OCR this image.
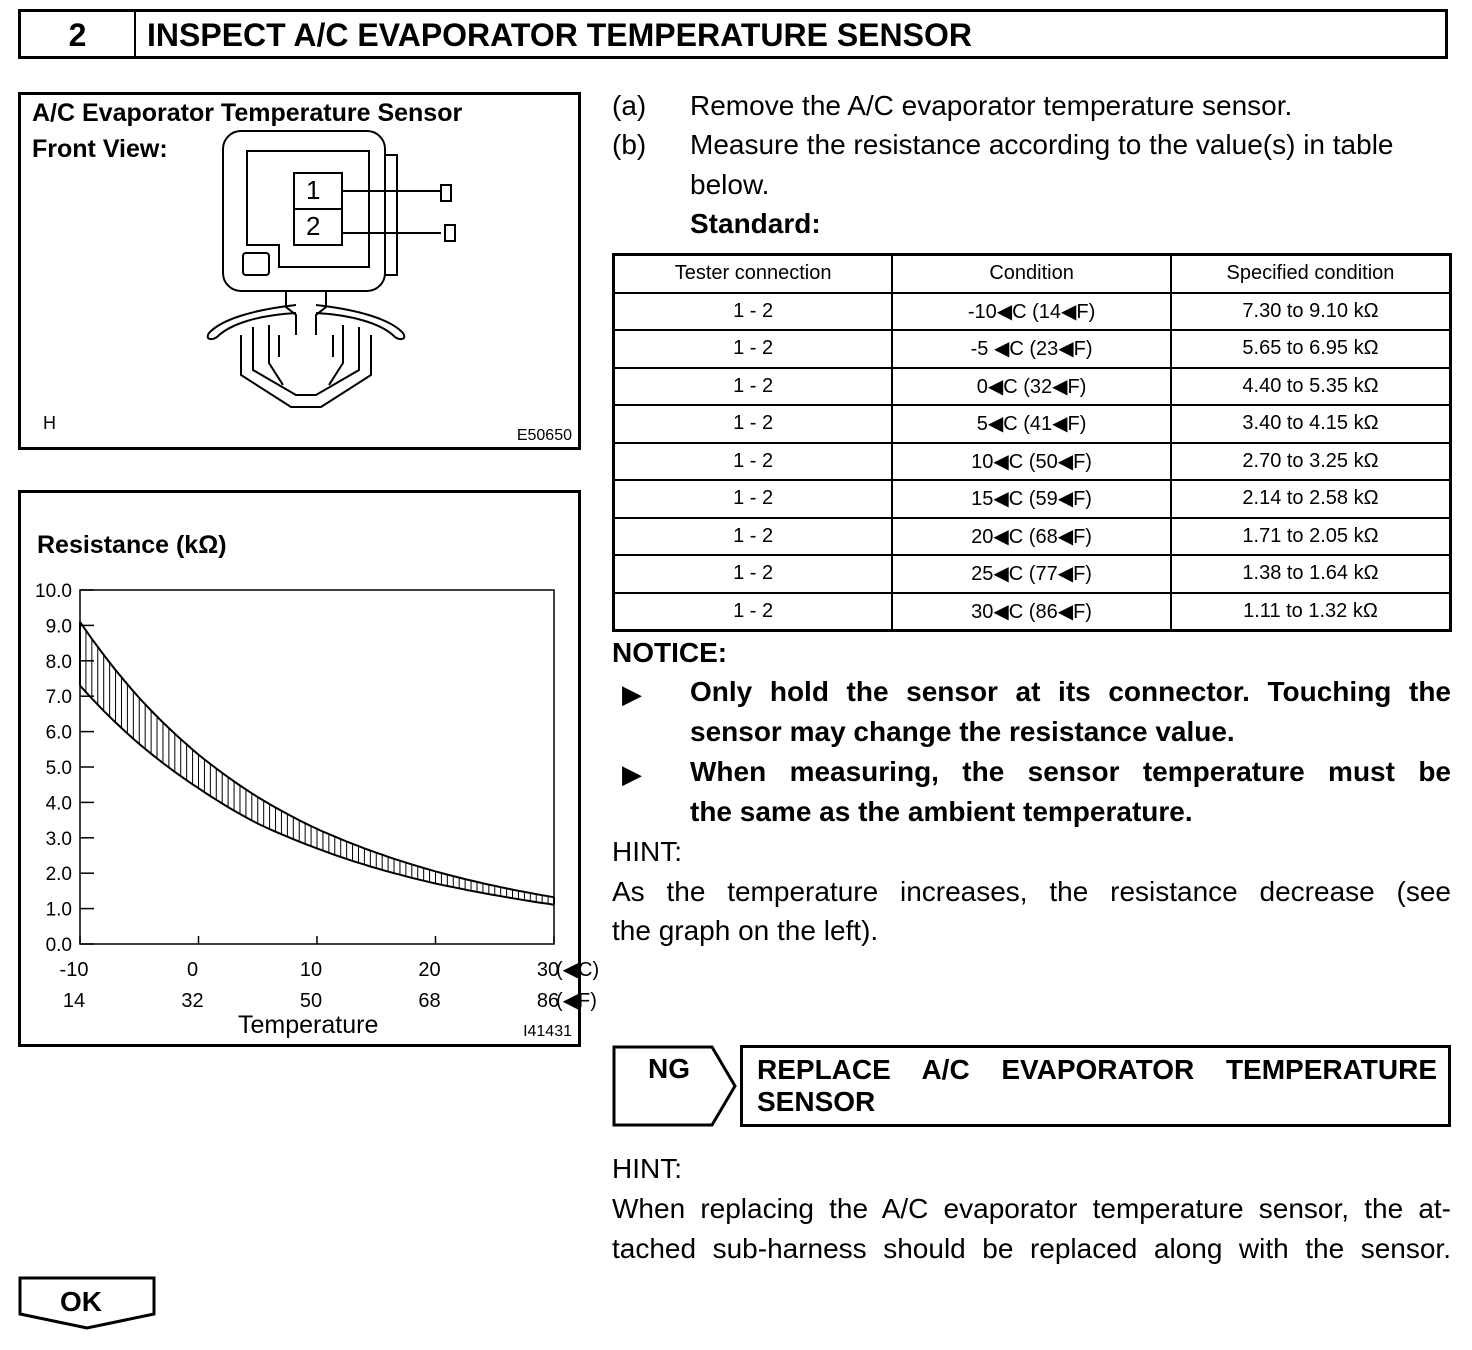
2	INSPECT A/C EVAPORATOR TEMPERATURE SENSOR
A/C Evaporator Temperature Sensor
Front View:
1
2
H
E50650
Resistance (kΩ)
10.0
9.0
8.0
7.0
6.0
5.0
4.0
3.0
2.0
1.0
0.0
-10
14
0
32
10
50
20
68
30
86
(◀C)
(◀F)
Temperature	I41431
(a) Remove the A/C evaporator temperature sensor.
(b) Measure the resistance according to the value(s) in table
below.
Standard:
Tester connection	Condition	Specified condition
1 - 2	-10◀C (14◀F)	7.30 to 9.10 kΩ
1 - 2	-5 ◀C (23◀F)	5.65 to 6.95 kΩ
1 - 2	0◀C (32◀F)	4.40 to 5.35 kΩ
1 - 2	5◀C (41◀F)	3.40 to 4.15 kΩ
1 - 2	10◀C (50◀F)	2.70 to 3.25 kΩ
1 - 2	15◀C (59◀F)	2.14 to 2.58 kΩ
1 - 2	20◀C (68◀F)	1.71 to 2.05 kΩ
1 - 2	25◀C (77◀F)	1.38 to 1.64 kΩ
1 - 2	30◀C (86◀F)	1.11 to 1.32 kΩ
NOTICE:
▶ Only hold the sensor at its connector. Touching the
sensor may change the resistance value.
▶ When measuring, the sensor temperature must be
the same as the ambient temperature.
HINT:
As the temperature increases, the resistance decrease (see
the graph on the left).
NG REPLACE A/C EVAPORATOR TEMPERATURE
SENSOR
HINT:
When replacing the A/C evaporator temperature sensor, the at-
tached sub-harness should be replaced along with the sensor.
OK
